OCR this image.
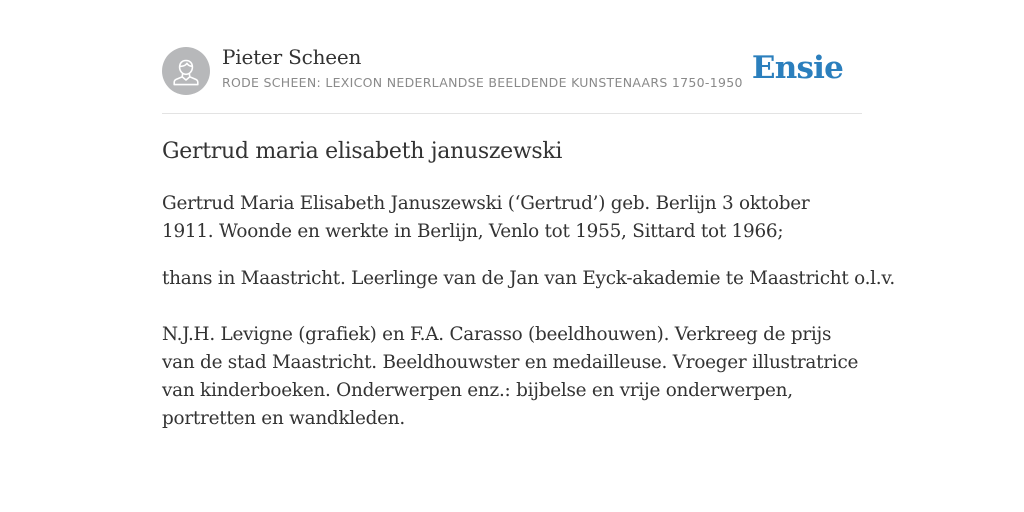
Pieter Scheen
RODE SCHEEN: LEXICON NEDERLANDSE BEELDENDE KUNSTENAARS 1750-1950 Ensie
Gertrud maria elisabeth januszewski

Gertrud Maria Elisabeth Januszewski (‘Gertrud’) geb. Berlijn 3 oktober 1911. Woonde en werkte in Berlijn, Venlo tot 1955, Sittard tot 1966;

thans in Maastricht. Leerlinge van de Jan van Eyck-akademie te Maastricht o.l.v.

N.J.H. Levigne (grafiek) en F.A. Carasso (beeldhouwen). Verkreeg de prijs van de stad Maastricht. Beeldhouwster en medailleuse. Vroeger illustratrice van kinderboeken. Onderwerpen enz.: bijbelse en vrije onderwerpen, portretten en wandkleden.
